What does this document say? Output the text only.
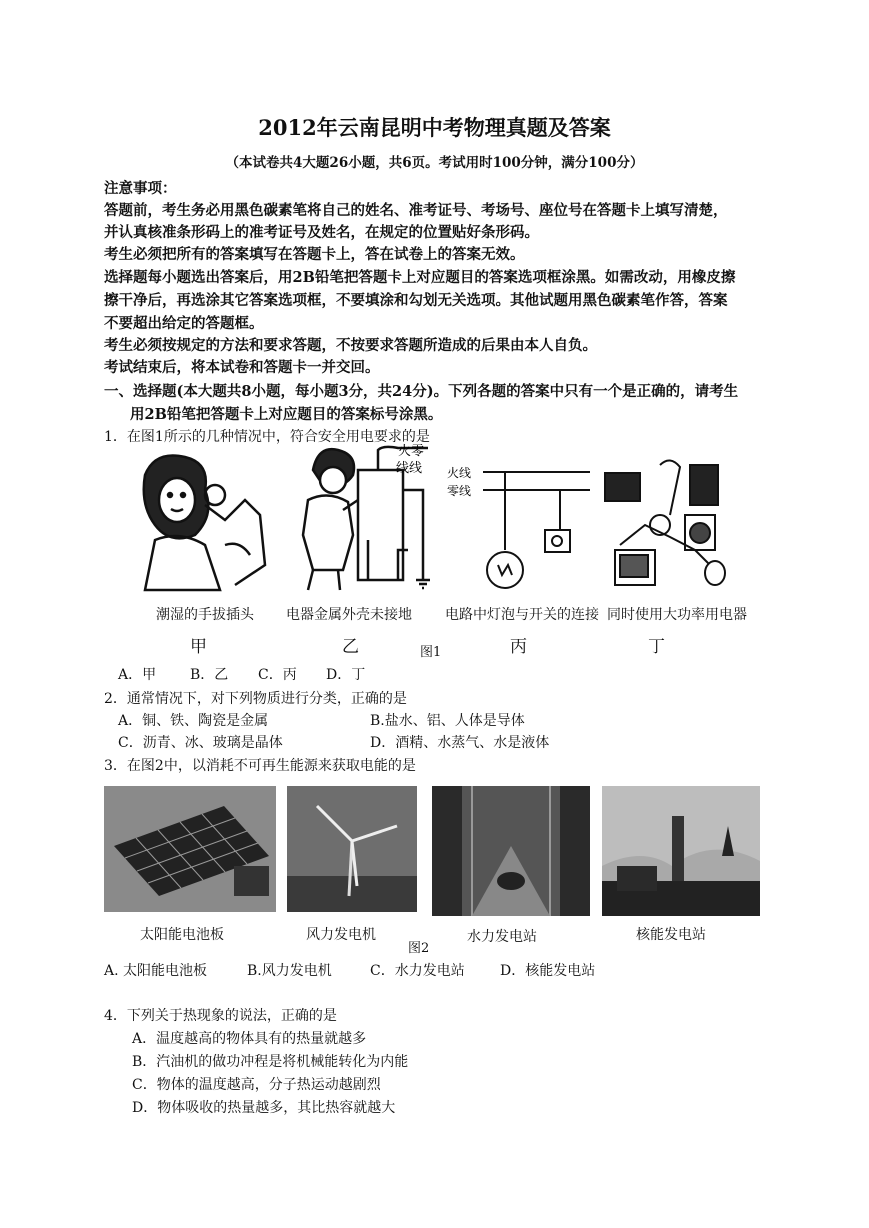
2012年云南昆明中考物理真题及答案
（本试卷共4大题26小题，共6页。考试用时100分钟，满分100分）
注意事项：
答题前，考生务必用黑色碳素笔将自己的姓名、准考证号、考场号、座位号在答题卡上填写清楚，
并认真核准条形码上的准考证号及姓名，在规定的位置贴好条形码。
考生必须把所有的答案填写在答题卡上，答在试卷上的答案无效。
选择题每小题选出答案后，用2B铅笔把答题卡上对应题目的答案选项框涂黑。如需改动，用橡皮擦
擦干净后，再选涂其它答案选项框，不要填涂和勾划无关选项。其他试题用黑色碳素笔作答，答案
不要超出给定的答题框。
考生必须按规定的方法和要求答题，不按要求答题所造成的后果由本人自负。
考试结束后，将本试卷和答题卡一并交回。
一、选择题(本大题共8小题，每小题3分，共24分)。下列各题的答案中只有一个是正确的，请考生
用2B铅笔把答题卡上对应题目的答案标号涂黑。
1．在图1所示的几种情况中，符合安全用电要求的是
火零
线线 火线
零线
潮湿的手拔插头 电器金属外壳未接地 电路中灯泡与开关的连接 同时使用大功率用电器
甲	乙	图1	丙	丁
A．甲 B．乙 C．丙 D．丁
2．通常情况下，对下列物质进行分类，正确的是
A．铜、铁、陶瓷是金属	B.盐水、铝、人体是导体
C．沥青、冰、玻璃是晶体	D．酒精、水蒸气、水是液体
3．在图2中，以消耗不可再生能源来获取电能的是
太阳能电池板	风力发电机
图2
水力发电站	核能发电站
A. 太阳能电池板	B.风力发电机	C．水力发电站	D．核能发电站
4．下列关于热现象的说法，正确的是
A．温度越高的物体具有的热量就越多
B．汽油机的做功冲程是将机械能转化为内能
C．物体的温度越高，分子热运动越剧烈
D．物体吸收的热量越多，其比热容就越大
